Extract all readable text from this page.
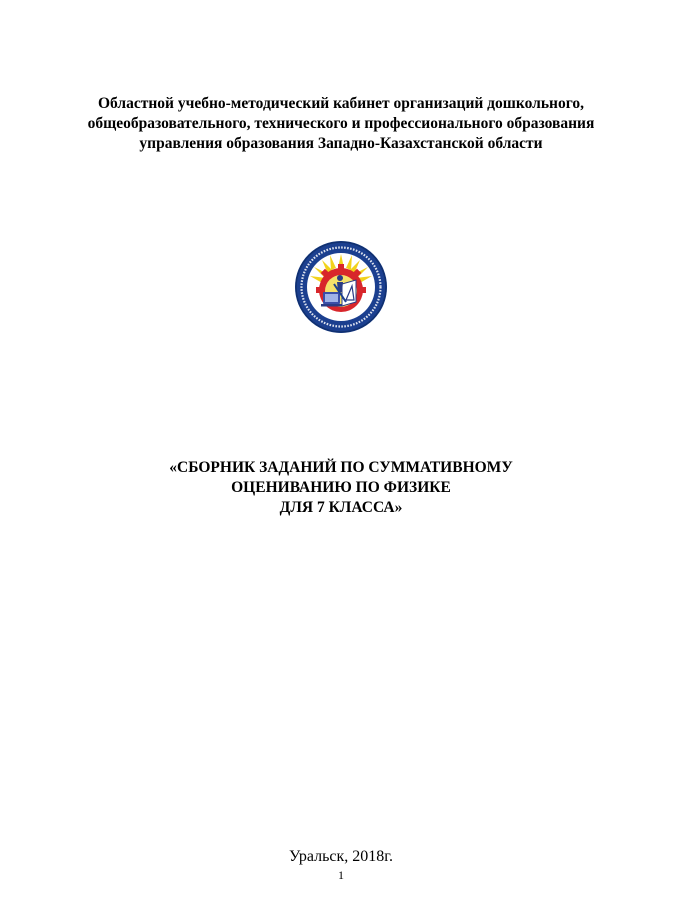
Областной учебно-методический кабинет организаций дошкольного,
общеобразовательного, технического и профессионального образования
управления образования Западно-Казахстанской области
«СБОРНИК ЗАДАНИЙ ПО СУММАТИВНОМУ
ОЦЕНИВАНИЮ ПО ФИЗИКЕ
ДЛЯ 7 КЛАССА»
Уральск, 2018г.
1
